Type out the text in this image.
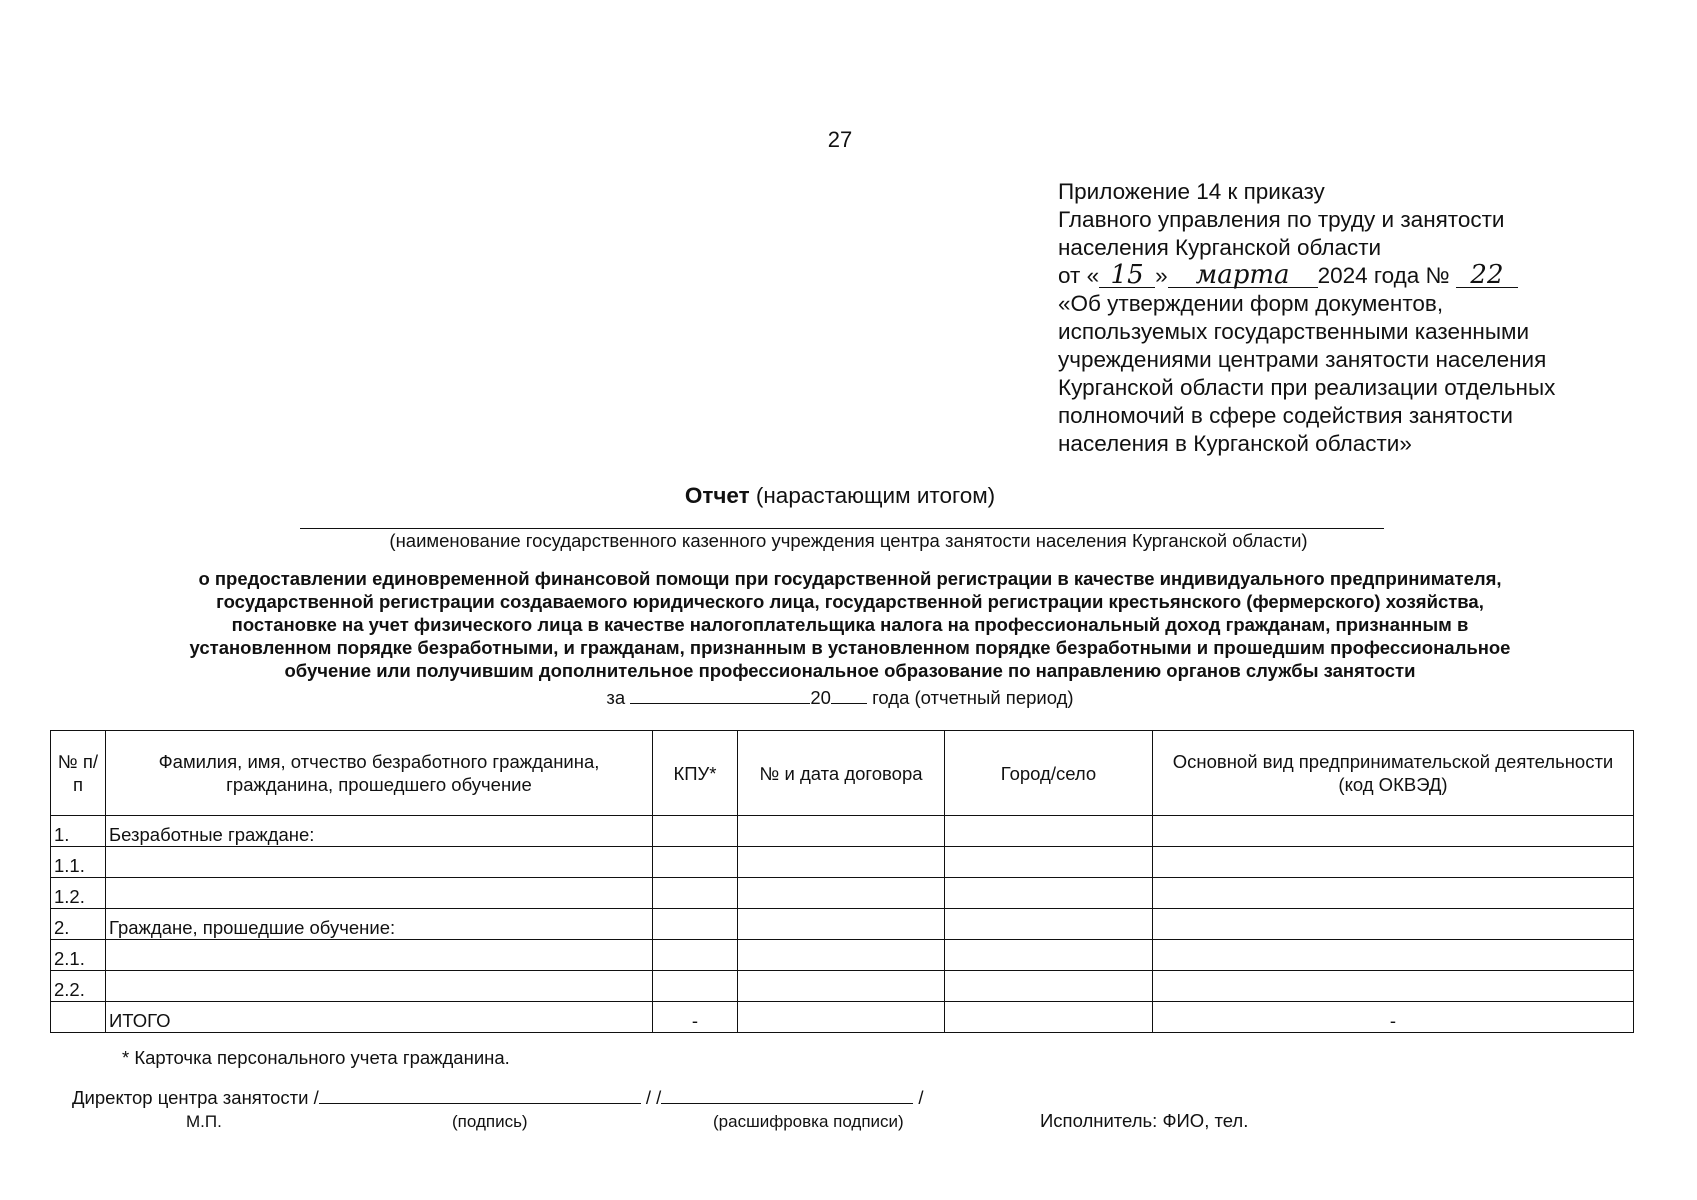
27
Приложение 14 к приказу
Главного управления по труду и занятости
населения Курганской области
от « 15 » марта 2024 года № 22
«Об утверждении форм документов,
используемых государственными казенными
учреждениями центрами занятости населения
Курганской области при реализации отдельных
полномочий в сфере содействия занятости
населения в Курганской области»
Отчет (нарастающим итогом)
(наименование государственного казенного учреждения центра занятости населения Курганской области)
о предоставлении единовременной финансовой помощи при государственной регистрации в качестве индивидуального предпринимателя,
государственной регистрации создаваемого юридического лица, государственной регистрации крестьянского (фермерского) хозяйства,
постановке на учет физического лица в качестве налогоплательщика налога на профессиональный доход гражданам, признанным в
установленном порядке безработными, и гражданам, признанным в установленном порядке безработными и прошедшим профессиональное
обучение или получившим дополнительное профессиональное образование по направлению органов службы занятости
за	20 года (отчетный период)
№ п/п	Фамилия, имя, отчество безработного гражданина, гражданина, прошедшего обучение	КПУ*	№ и дата договора	Город/село	Основной вид предпринимательской деятельности (код ОКВЭД)
1.	Безработные граждане:				
1.1.					
1.2.					
2.	Граждане, прошедшие обучение:				
2.1.					
2.2.					
	ИТОГО	-			-
* Карточка персонального учета гражданина.
Директор центра занятости /	/ /	/
М.П.	(подпись)	(расшифровка подписи)	Исполнитель: ФИО, тел.
